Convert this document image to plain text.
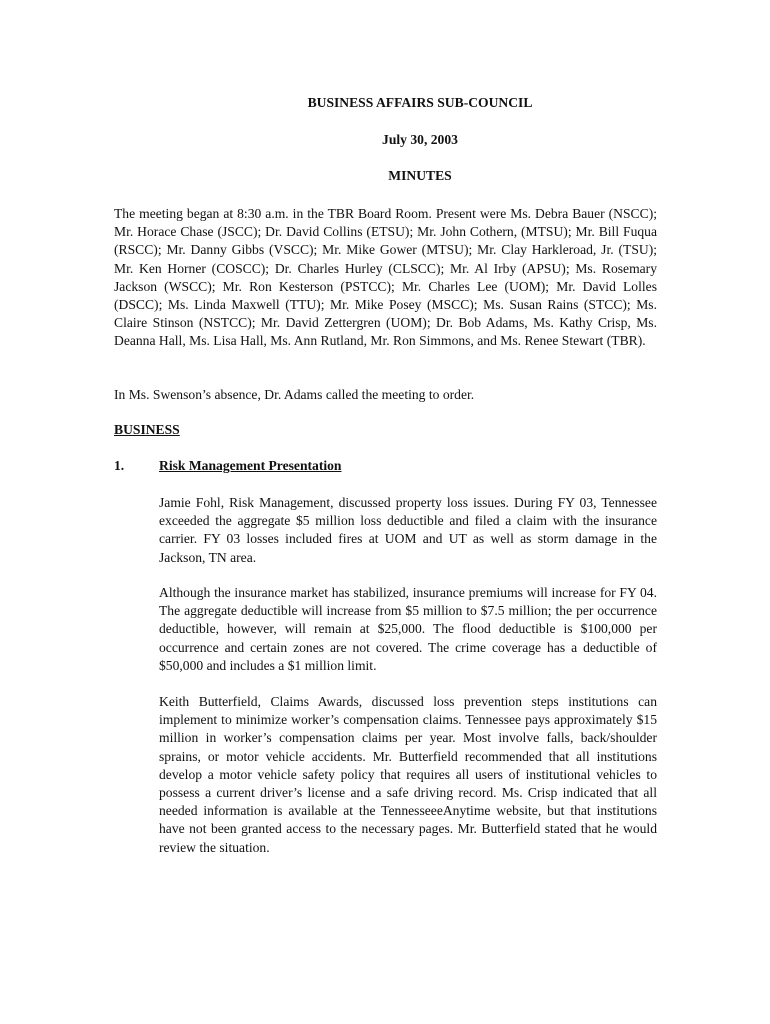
BUSINESS AFFAIRS SUB-COUNCIL
July 30, 2003
MINUTES

The meeting began at 8:30 a.m. in the TBR Board Room. Present were Ms. Debra Bauer (NSCC); Mr. Horace Chase (JSCC); Dr. David Collins (ETSU); Mr. John Cothern, (MTSU); Mr. Bill Fuqua (RSCC); Mr. Danny Gibbs (VSCC); Mr. Mike Gower (MTSU); Mr. Clay Harkleroad, Jr. (TSU); Mr. Ken Horner (COSCC); Dr. Charles Hurley (CLSCC); Mr. Al Irby (APSU); Ms. Rosemary Jackson (WSCC); Mr. Ron Kesterson (PSTCC); Mr. Charles Lee (UOM); Mr. David Lolles (DSCC); Ms. Linda Maxwell (TTU); Mr. Mike Posey (MSCC); Ms. Susan Rains (STCC); Ms. Claire Stinson (NSTCC); Mr. David Zettergren (UOM); Dr. Bob Adams, Ms. Kathy Crisp, Ms. Deanna Hall, Ms. Lisa Hall, Ms. Ann Rutland, Mr. Ron Simmons, and Ms. Renee Stewart (TBR).

In Ms. Swenson’s absence, Dr. Adams called the meeting to order.

BUSINESS
1.	Risk Management Presentation

Jamie Fohl, Risk Management, discussed property loss issues. During FY 03, Tennessee exceeded the aggregate $5 million loss deductible and filed a claim with the insurance carrier. FY 03 losses included fires at UOM and UT as well as storm damage in the Jackson, TN area.

Although the insurance market has stabilized, insurance premiums will increase for FY 04. The aggregate deductible will increase from $5 million to $7.5 million; the per occurrence deductible, however, will remain at $25,000. The flood deductible is $100,000 per occurrence and certain zones are not covered. The crime coverage has a deductible of $50,000 and includes a $1 million limit.

Keith Butterfield, Claims Awards, discussed loss prevention steps institutions can implement to minimize worker’s compensation claims. Tennessee pays approximately $15 million in worker’s compensation claims per year. Most involve falls, back/shoulder sprains, or motor vehicle accidents. Mr. Butterfield recommended that all institutions develop a motor vehicle safety policy that requires all users of institutional vehicles to possess a current driver’s license and a safe driving record. Ms. Crisp indicated that all needed information is available at the TennesseeeAnytime website, but that institutions have not been granted access to the necessary pages. Mr. Butterfield stated that he would review the situation.
